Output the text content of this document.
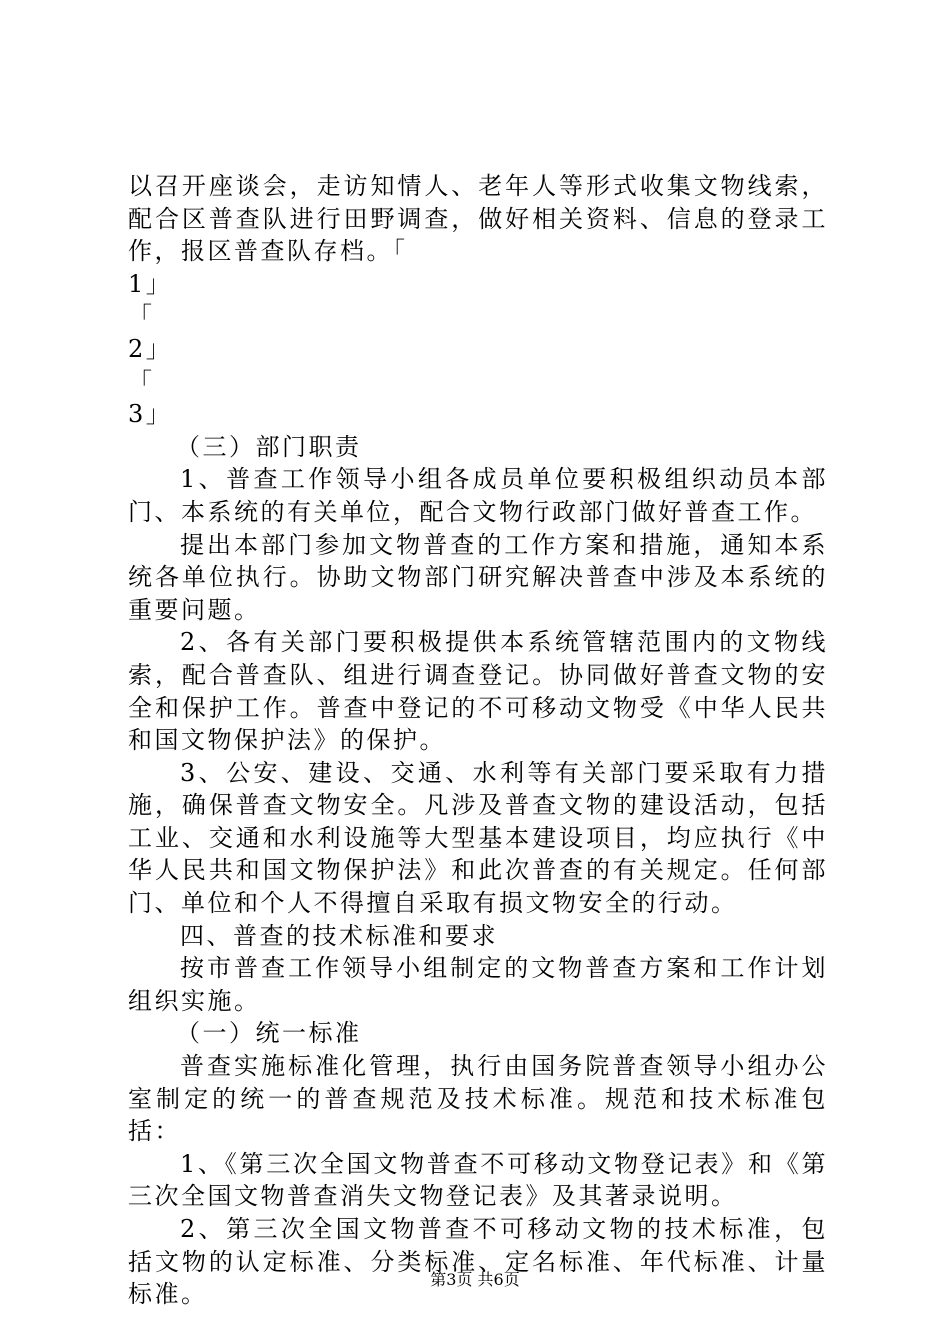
以召开座谈会，走访知情人、老年人等形式收集文物线索，配合区普查队进行田野调查，做好相关资料、信息的登录工作，报区普查队存档。「

1」

「

2」

「

3」

（三）部门职责

1、普查工作领导小组各成员单位要积极组织动员本部门、本系统的有关单位，配合文物行政部门做好普查工作。

提出本部门参加文物普查的工作方案和措施，通知本系统各单位执行。协助文物部门研究解决普查中涉及本系统的重要问题。

2、各有关部门要积极提供本系统管辖范围内的文物线索，配合普查队、组进行调查登记。协同做好普查文物的安全和保护工作。普查中登记的不可移动文物受《中华人民共和国文物保护法》的保护。

3、公安、建设、交通、水利等有关部门要采取有力措施，确保普查文物安全。凡涉及普查文物的建设活动，包括工业、交通和水利设施等大型基本建设项目，均应执行《中华人民共和国文物保护法》和此次普查的有关规定。任何部门、单位和个人不得擅自采取有损文物安全的行动。

四、普查的技术标准和要求

按市普查工作领导小组制定的文物普查方案和工作计划组织实施。

（一）统一标准

普查实施标准化管理，执行由国务院普查领导小组办公室制定的统一的普查规范及技术标准。规范和技术标准包括：

1、《第三次全国文物普查不可移动文物登记表》和《第三次全国文物普查消失文物登记表》及其著录说明。

2、第三次全国文物普查不可移动文物的技术标准，包括文物的认定标准、分类标准、定名标准、年代标准、计量标准。

第3页 共6页
